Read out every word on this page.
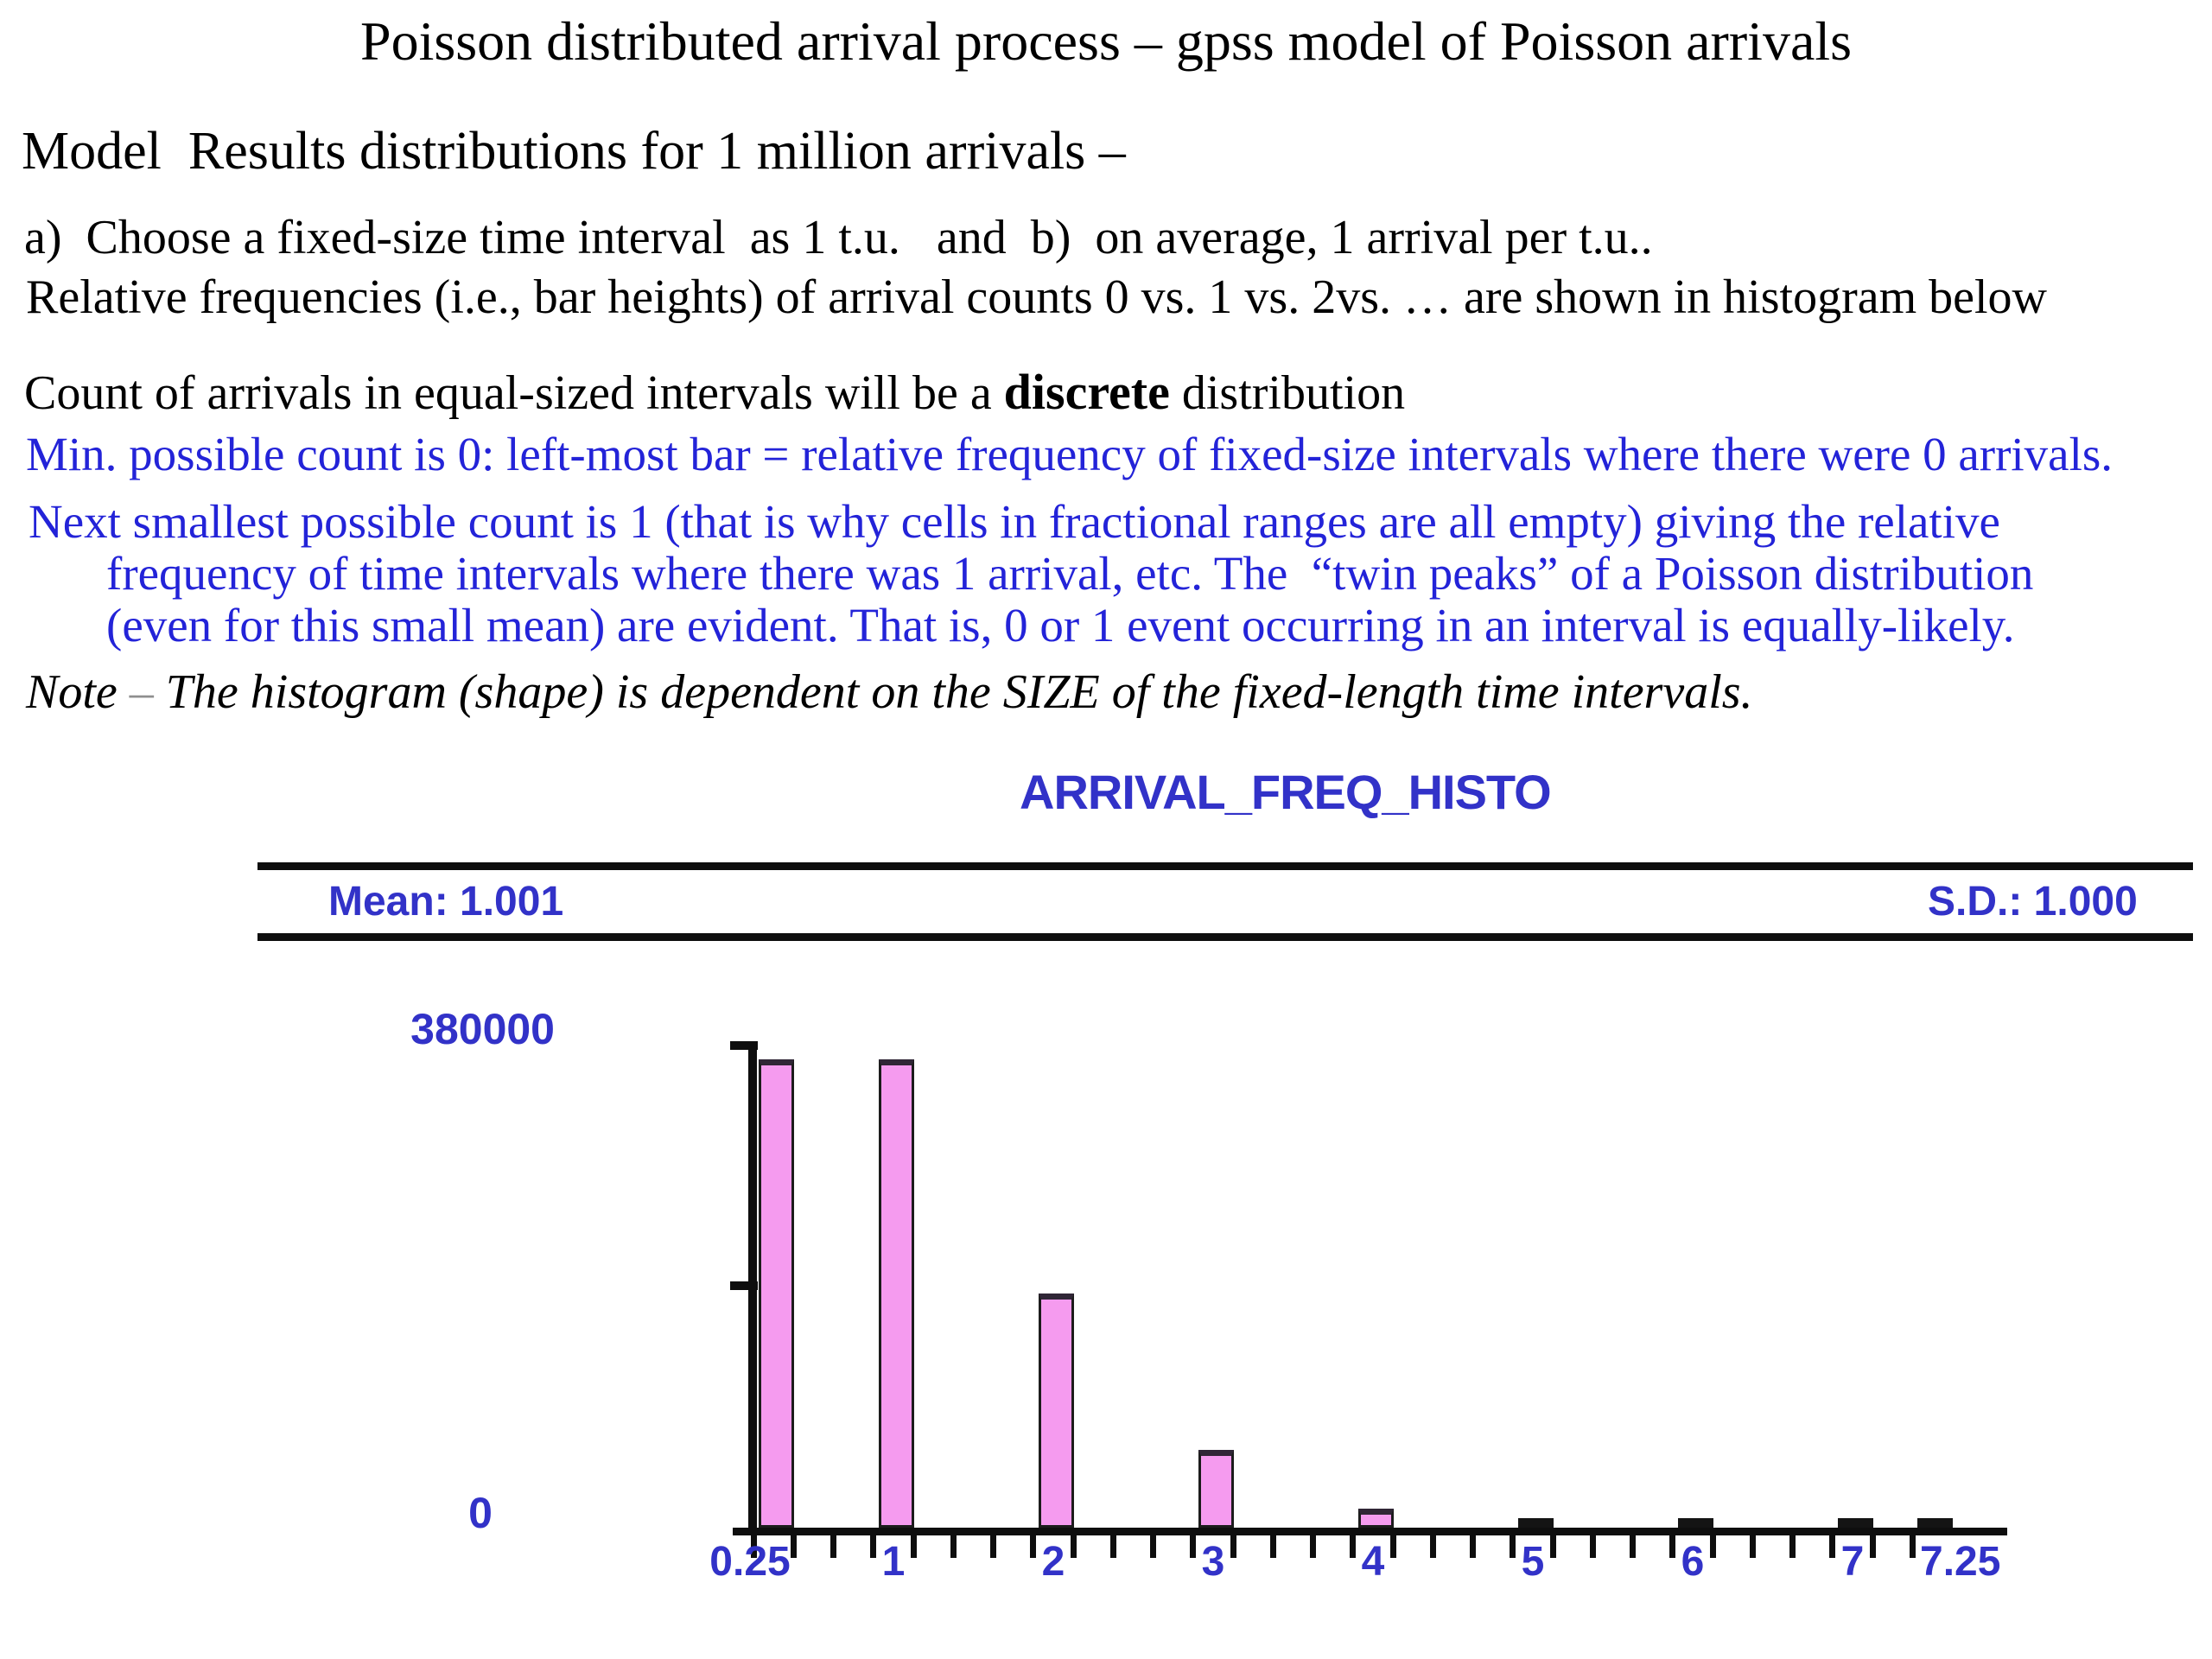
Poisson distributed arrival process – gpss model of Poisson arrivals
Model  Results distributions for 1 million arrivals –
a)  Choose a fixed-size time interval  as 1 t.u.   and  b)  on average, 1 arrival per t.u..
Relative frequencies (i.e., bar heights) of arrival counts 0 vs. 1 vs. 2vs. … are shown in histogram below
Count of arrivals in equal-sized intervals will be a discrete distribution
Min. possible count is 0: left-most bar = relative frequency of fixed-size intervals where there were 0 arrivals.
Next smallest possible count is 1 (that is why cells in fractional ranges are all empty) giving the relative
frequency of time intervals where there was 1 arrival, etc. The  “twin peaks” of a Poisson distribution
(even for this small mean) are evident. That is, 0 or 1 event occurring in an interval is equally-likely.
Note – The histogram (shape) is dependent on the SIZE of the fixed-length time intervals.
ARRIVAL_FREQ_HISTO
Mean: 1.001	S.D.: 1.000
380000
0
0.25 1	2	3	4	5	6	7 7.25
